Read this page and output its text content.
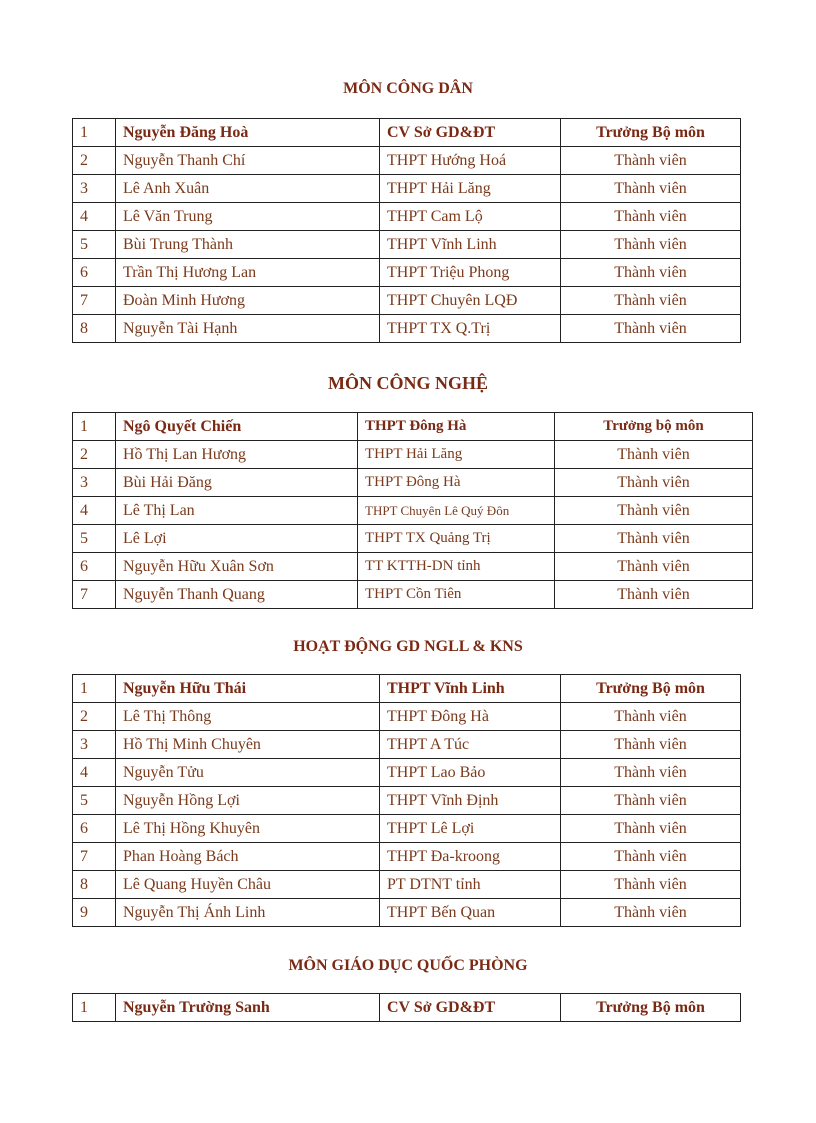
MÔN CÔNG DÂN
1	Nguyễn Đăng Hoà	CV Sở GD&ĐT	Trưởng Bộ môn
2	Nguyễn Thanh Chí	THPT Hướng Hoá	Thành viên
3	Lê Anh Xuân	THPT Hải Lăng	Thành viên
4	Lê Văn Trung	THPT Cam Lộ	Thành viên
5	Bùi Trung Thành	THPT Vĩnh Linh	Thành viên
6	Trần Thị Hương Lan	THPT Triệu Phong	Thành viên
7	Đoàn Minh Hương	THPT Chuyên LQĐ	Thành viên
8	Nguyễn Tài Hạnh	THPT TX Q.Trị	Thành viên
MÔN CÔNG NGHỆ
1	Ngô Quyết Chiến	THPT Đông Hà	Trưởng bộ môn
2	Hồ Thị Lan Hương	THPT Hải Lăng	Thành viên
3	Bùi Hải Đăng	THPT Đông Hà	Thành viên
4	Lê Thị Lan	THPT Chuyên Lê Quý Đôn	Thành viên
5	Lê Lợi	THPT TX Quảng Trị	Thành viên
6	Nguyễn Hữu Xuân Sơn	TT KTTH-DN tỉnh	Thành viên
7	Nguyễn Thanh Quang	THPT Cồn Tiên	Thành viên
HOẠT ĐỘNG GD NGLL & KNS
1	Nguyễn Hữu Thái	THPT Vĩnh Linh	Trưởng Bộ môn
2	Lê Thị Thông	THPT Đông Hà	Thành viên
3	Hồ Thị Minh Chuyên	THPT A Túc	Thành viên
4	Nguyễn Tửu	THPT Lao Bảo	Thành viên
5	Nguyễn Hồng Lợi	THPT Vĩnh Định	Thành viên
6	Lê Thị Hồng Khuyên	THPT Lê Lợi	Thành viên
7	Phan Hoàng Bách	THPT Đa-kroong	Thành viên
8	Lê Quang Huyền Châu	PT DTNT tỉnh	Thành viên
9	Nguyễn Thị Ánh Linh	THPT Bến Quan	Thành viên
MÔN GIÁO DỤC QUỐC PHÒNG
1	Nguyễn Trường Sanh	CV Sở GD&ĐT	Trưởng Bộ môn
